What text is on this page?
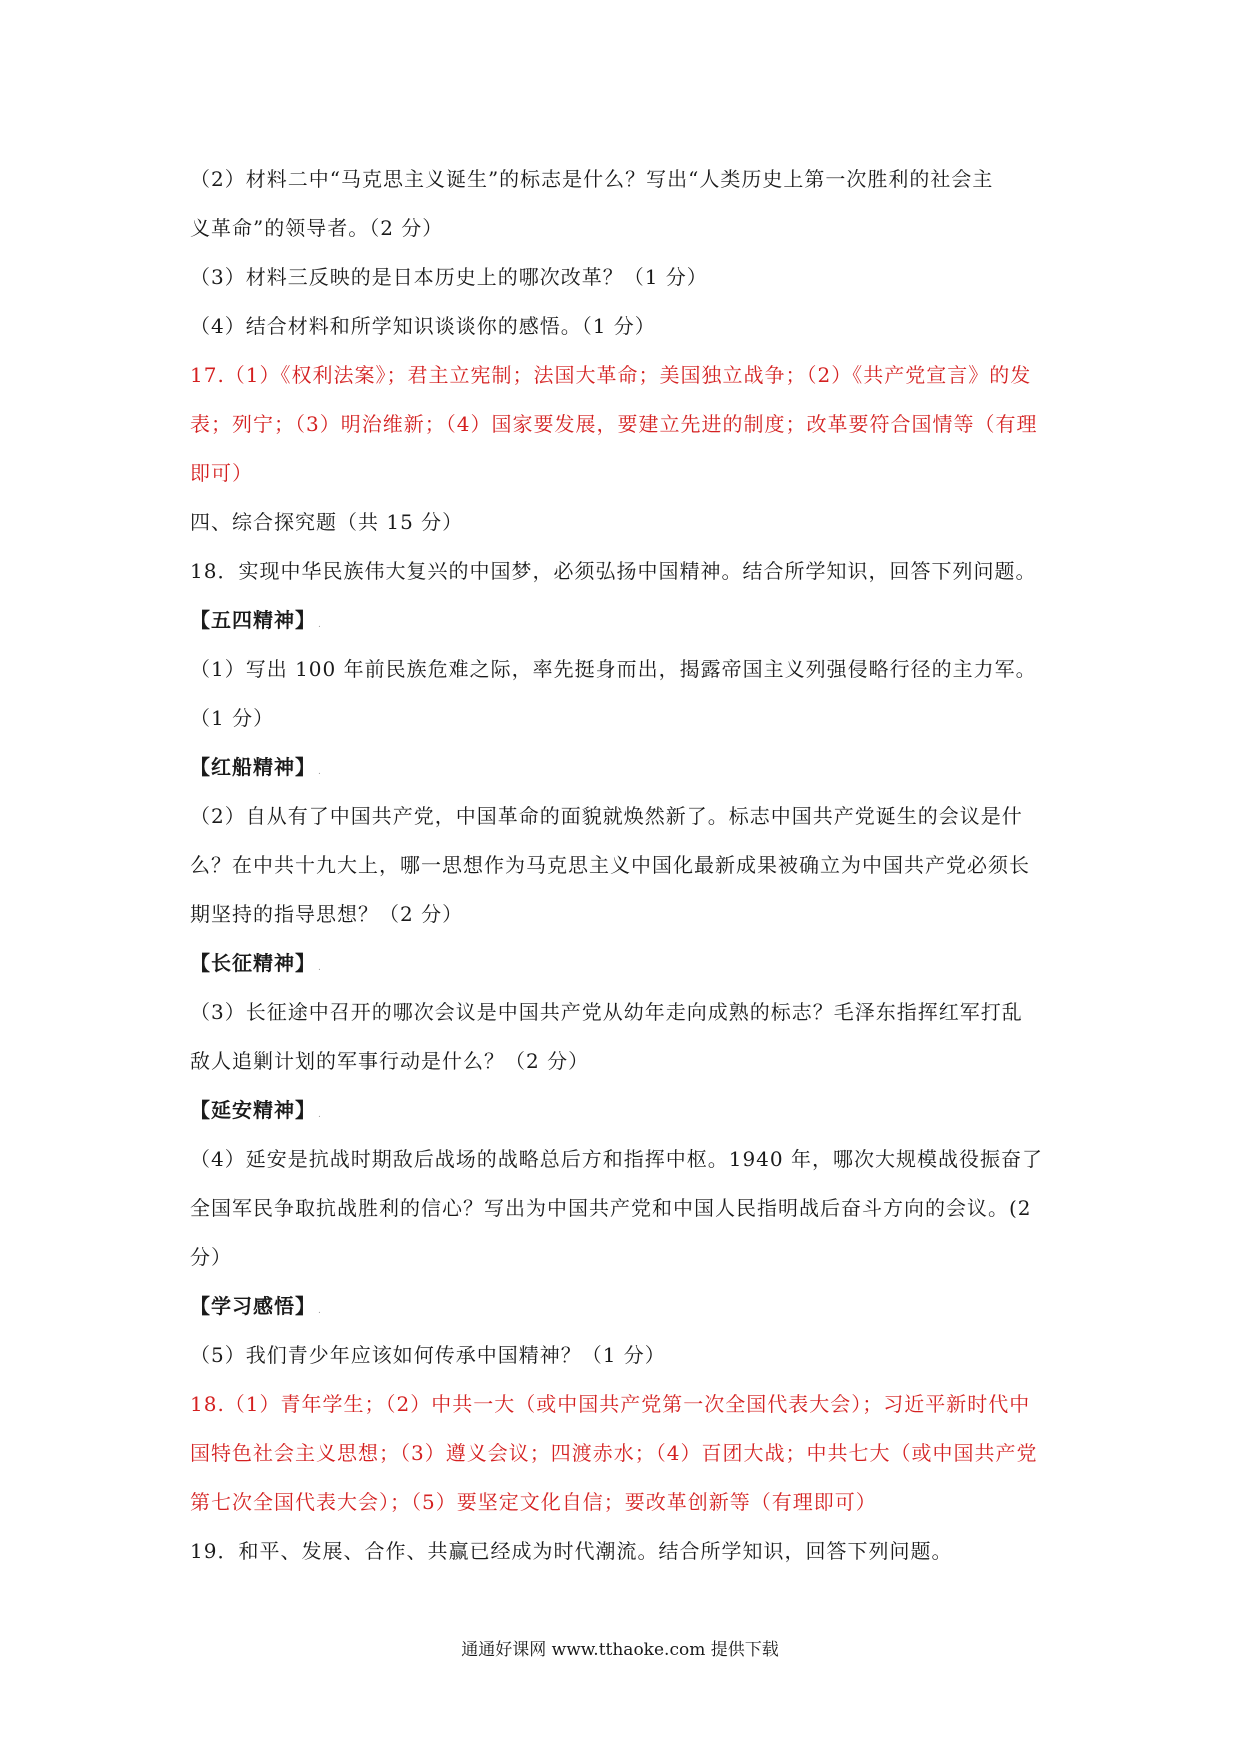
（2）材料二中“马克思主义诞生”的标志是什么？写出“人类历史上第一次胜利的社会主
义革命”的领导者。（2 分）
（3）材料三反映的是日本历史上的哪次改革？（1 分）
（4）结合材料和所学知识谈谈你的感悟。（1 分）
17.（1）《权利法案》；君主立宪制；法国大革命；美国独立战争；（2）《共产党宣言》的发
表；列宁；（3）明治维新；（4）国家要发展，要建立先进的制度；改革要符合国情等（有理
即可）
四、综合探究题（共 15 分）
18．实现中华民族伟大复兴的中国梦，必须弘扬中国精神。结合所学知识，回答下列问题。
【五四精神】 .
（1）写出 100 年前民族危难之际，率先挺身而出，揭露帝国主义列强侵略行径的主力军。
（1 分）
【红船精神】 .
（2）自从有了中国共产党，中国革命的面貌就焕然新了。标志中国共产党诞生的会议是什
么？在中共十九大上，哪一思想作为马克思主义中国化最新成果被确立为中国共产党必须长
期坚持的指导思想？（2 分）
【长征精神】 .
（3）长征途中召开的哪次会议是中国共产党从幼年走向成熟的标志？毛泽东指挥红军打乱
敌人追剿计划的军事行动是什么？（2 分）
【延安精神】 .
（4）延安是抗战时期敌后战场的战略总后方和指挥中枢。1940 年，哪次大规模战役振奋了
全国军民争取抗战胜利的信心？写出为中国共产党和中国人民指明战后奋斗方向的会议。(2
分）
【学习感悟】 .
（5）我们青少年应该如何传承中国精神？（1 分）
18.（1）青年学生；（2）中共一大（或中国共产党第一次全国代表大会）；习近平新时代中
国特色社会主义思想；（3）遵义会议；四渡赤水；（4）百团大战；中共七大（或中国共产党
第七次全国代表大会）；（5）要坚定文化自信；要改革创新等（有理即可）
19．和平、发展、合作、共赢已经成为时代潮流。结合所学知识，回答下列问题。
通通好课网 www.tthaoke.com 提供下载
